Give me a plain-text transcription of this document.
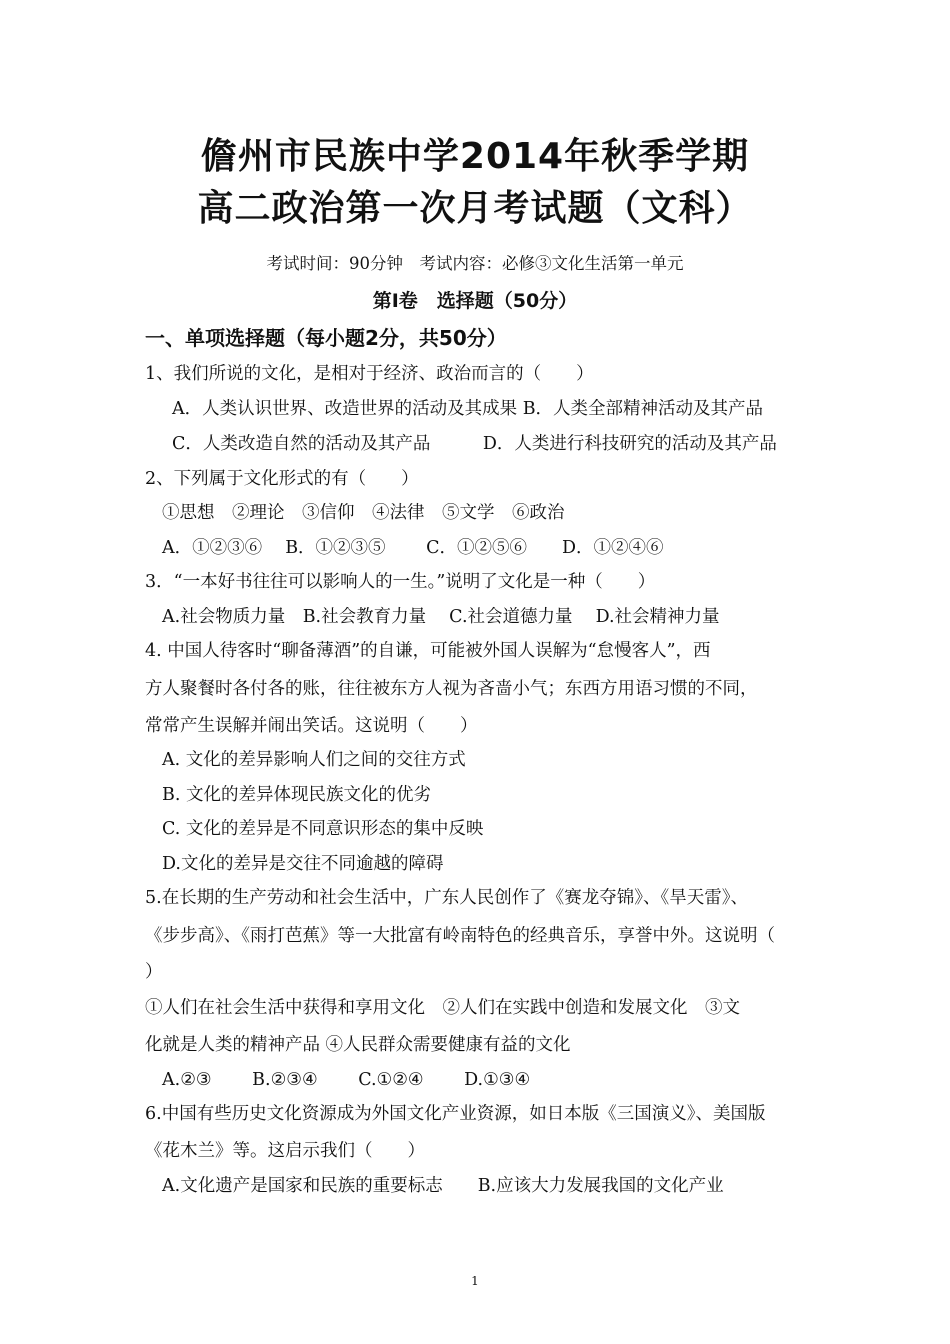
儋州市民族中学2014年秋季学期
高二政治第一次月考试题（文科）
考试时间：90分钟　考试内容：必修③文化生活第一单元
第Ⅰ卷　选择题（50分）
一、单项选择题（每小题2分，共50分）
1、我们所说的文化，是相对于经济、政治而言的（　　）
A．人类认识世界、改造世界的活动及其成果 B．人类全部精神活动及其产品
C．人类改造自然的活动及其产品　　　D．人类进行科技研究的活动及其产品
2、下列属于文化形式的有（　　）
①思想　②理论　③信仰　④法律　⑤文学　⑥政治
A．①②③⑥　 B．①②③⑤　　 C．①②⑤⑥　　D．①②④⑥
3．“一本好书往往可以影响人的一生。”说明了文化是一种（　　）
A.社会物质力量　B.社会教育力量　 C.社会道德力量　 D.社会精神力量
4. 中国人待客时“聊备薄酒”的自谦，可能被外国人误解为“怠慢客人”，西
方人聚餐时各付各的账，往往被东方人视为吝啬小气；东西方用语习惯的不同，
常常产生误解并闹出笑话。这说明（　　）
A. 文化的差异影响人们之间的交往方式
B. 文化的差异体现民族文化的优劣
C. 文化的差异是不同意识形态的集中反映
D.文化的差异是交往不同逾越的障碍
5.在长期的生产劳动和社会生活中，广东人民创作了《赛龙夺锦》、《旱天雷》、
《步步高》、《雨打芭蕉》等一大批富有岭南特色的经典音乐，享誉中外。这说明（
）
①人们在社会生活中获得和享用文化　②人们在实践中创造和发展文化　③文
化就是人类的精神产品 ④人民群众需要健康有益的文化
A.②③　　 B.②③④　　 C.①②④　　 D.①③④
6.中国有些历史文化资源成为外国文化产业资源，如日本版《三国演义》、美国版
《花木兰》等。这启示我们（　　）
A.文化遗产是国家和民族的重要标志　　B.应该大力发展我国的文化产业
1
